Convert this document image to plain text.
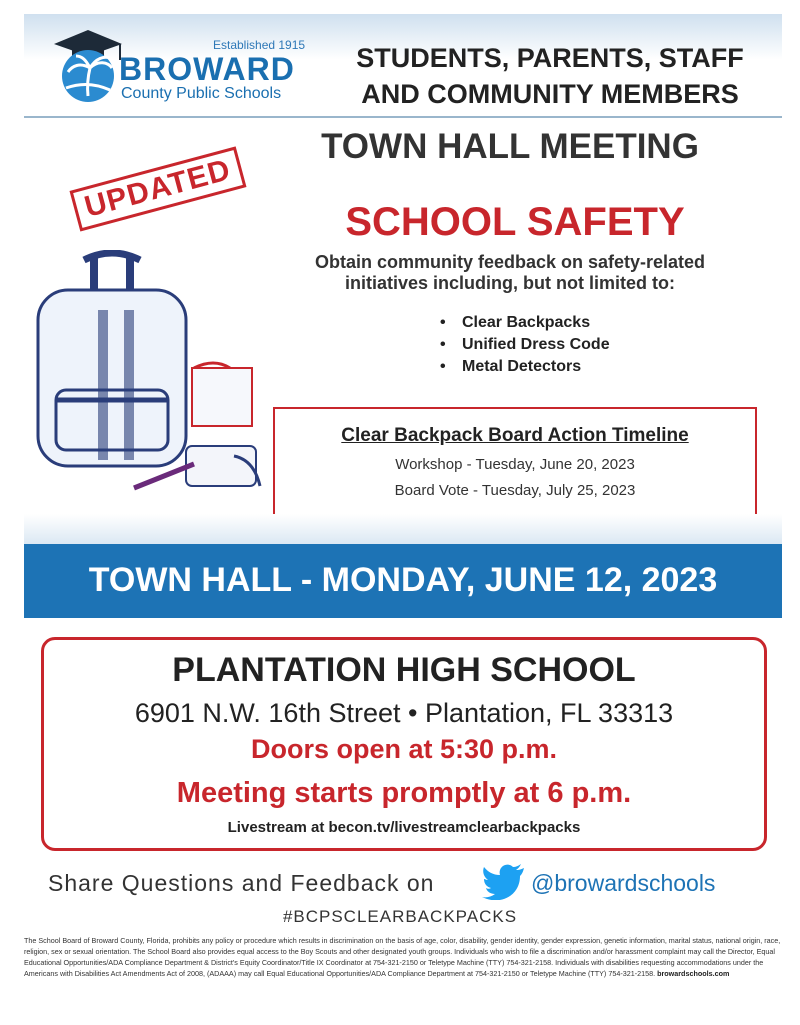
Established 1915
BROWARD
County Public Schools
STUDENTS, PARENTS, STAFF
AND COMMUNITY MEMBERS
TOWN HALL MEETING
UPDATED	SCHOOL SAFETY
Obtain community feedback on safety-related
initiatives including, but not limited to:
• Clear Backpacks
• Unified Dress Code
• Metal Detectors
Clear Backpack Board Action Timeline
Workshop - Tuesday, June 20, 2023
Board Vote - Tuesday, July 25, 2023
TOWN HALL - MONDAY, JUNE 12, 2023
PLANTATION HIGH SCHOOL
6901 N.W. 16th Street • Plantation, FL 33313
Doors open at 5:30 p.m.
Meeting starts promptly at 6 p.m.
Livestream at becon.tv/livestreamclearbackpacks
Share Questions and Feedback on	@browardschools
#BCPSCLEARBACKPACKS
The School Board of Broward County, Florida, prohibits any policy or procedure which results in discrimination on the basis of age, color, disability, gender identity, gender expression, genetic information, marital status, national origin, race, religion, sex or sexual orientation. The School Board also provides equal access to the Boy Scouts and other designated youth groups. Individuals who wish to file a discrimination and/or harassment complaint may call the Director, Equal Educational Opportunities/ADA Compliance Department & District's Equity Coordinator/Title IX Coordinator at 754-321-2150 or Teletype Machine (TTY) 754-321-2158. Individuals with disabilities requesting accommodations under the Americans with Disabilities Act Amendments Act of 2008, (ADAAA) may call Equal Educational Opportunities/ADA Compliance Department at 754-321-2150 or Teletype Machine (TTY) 754-321-2158. browardschools.com
